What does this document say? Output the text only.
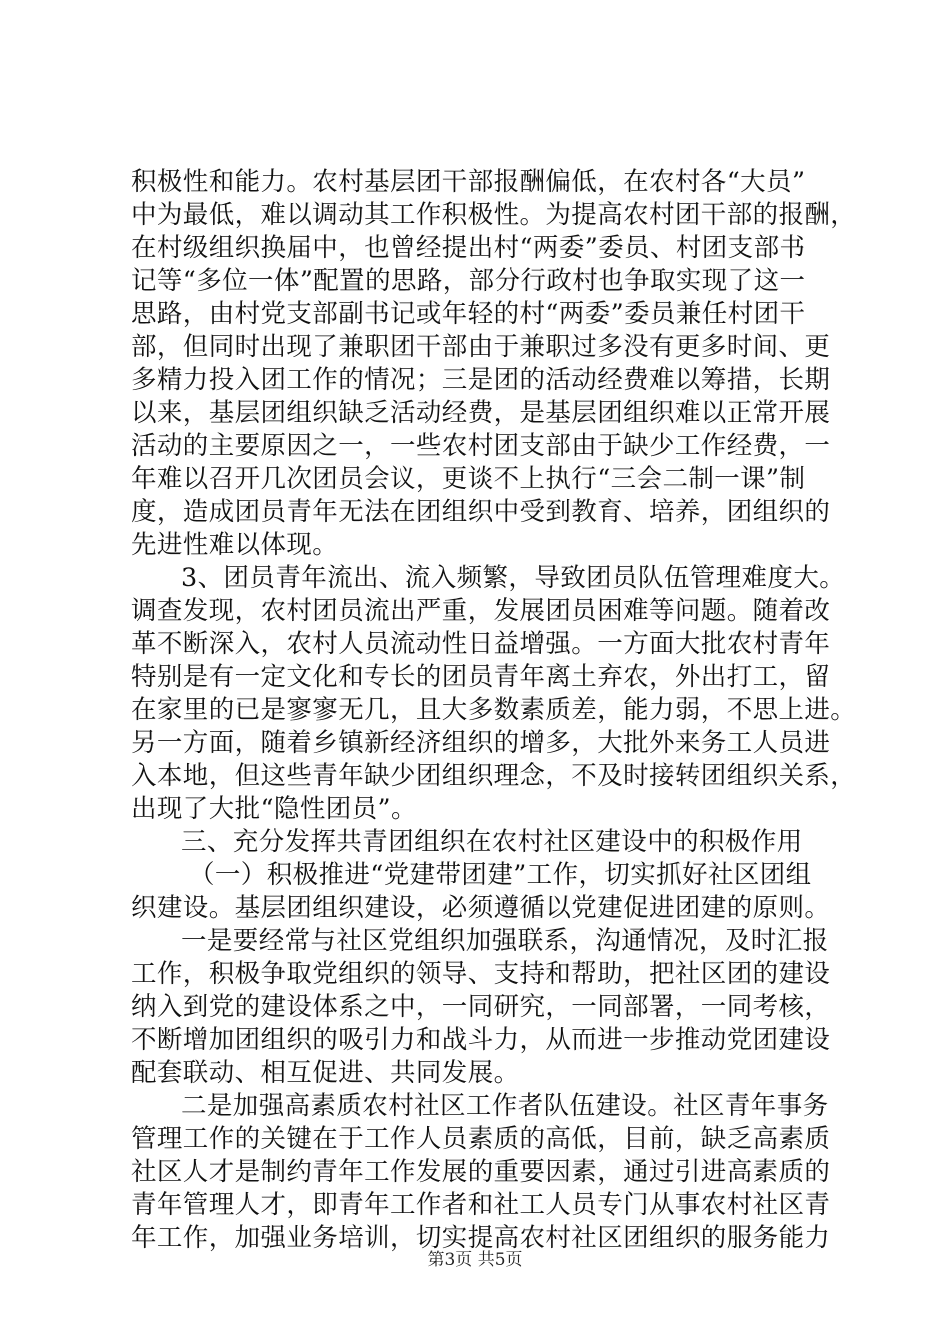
积极性和能力。农村基层团干部报酬偏低，在农村各“大员”
中为最低，难以调动其工作积极性。为提高农村团干部的报酬，
在村级组织换届中，也曾经提出村“两委”委员、村团支部书
记等“多位一体”配置的思路，部分行政村也争取实现了这一
思路，由村党支部副书记或年轻的村“两委”委员兼任村团干
部，但同时出现了兼职团干部由于兼职过多没有更多时间、更
多精力投入团工作的情况；三是团的活动经费难以筹措，长期
以来，基层团组织缺乏活动经费，是基层团组织难以正常开展
活动的主要原因之一，一些农村团支部由于缺少工作经费，一
年难以召开几次团员会议，更谈不上执行“三会二制一课”制
度，造成团员青年无法在团组织中受到教育、培养，团组织的
先进性难以体现。
3、团员青年流出、流入频繁，导致团员队伍管理难度大。
调查发现，农村团员流出严重，发展团员困难等问题。随着改
革不断深入，农村人员流动性日益增强。一方面大批农村青年
特别是有一定文化和专长的团员青年离土弃农，外出打工，留
在家里的已是寥寥无几，且大多数素质差，能力弱，不思上进。
另一方面，随着乡镇新经济组织的增多，大批外来务工人员进
入本地，但这些青年缺少团组织理念，不及时接转团组织关系，
出现了大批“隐性团员”。
三、充分发挥共青团组织在农村社区建设中的积极作用
（一）积极推进“党建带团建”工作，切实抓好社区团组
织建设。基层团组织建设，必须遵循以党建促进团建的原则。
一是要经常与社区党组织加强联系，沟通情况，及时汇报
工作，积极争取党组织的领导、支持和帮助，把社区团的建设
纳入到党的建设体系之中，一同研究，一同部署，一同考核，
不断增加团组织的吸引力和战斗力，从而进一步推动党团建设
配套联动、相互促进、共同发展。
二是加强高素质农村社区工作者队伍建设。社区青年事务
管理工作的关键在于工作人员素质的高低，目前，缺乏高素质
社区人才是制约青年工作发展的重要因素，通过引进高素质的
青年管理人才，即青年工作者和社工人员专门从事农村社区青
年工作，加强业务培训，切实提高农村社区团组织的服务能力
第3页 共5页
